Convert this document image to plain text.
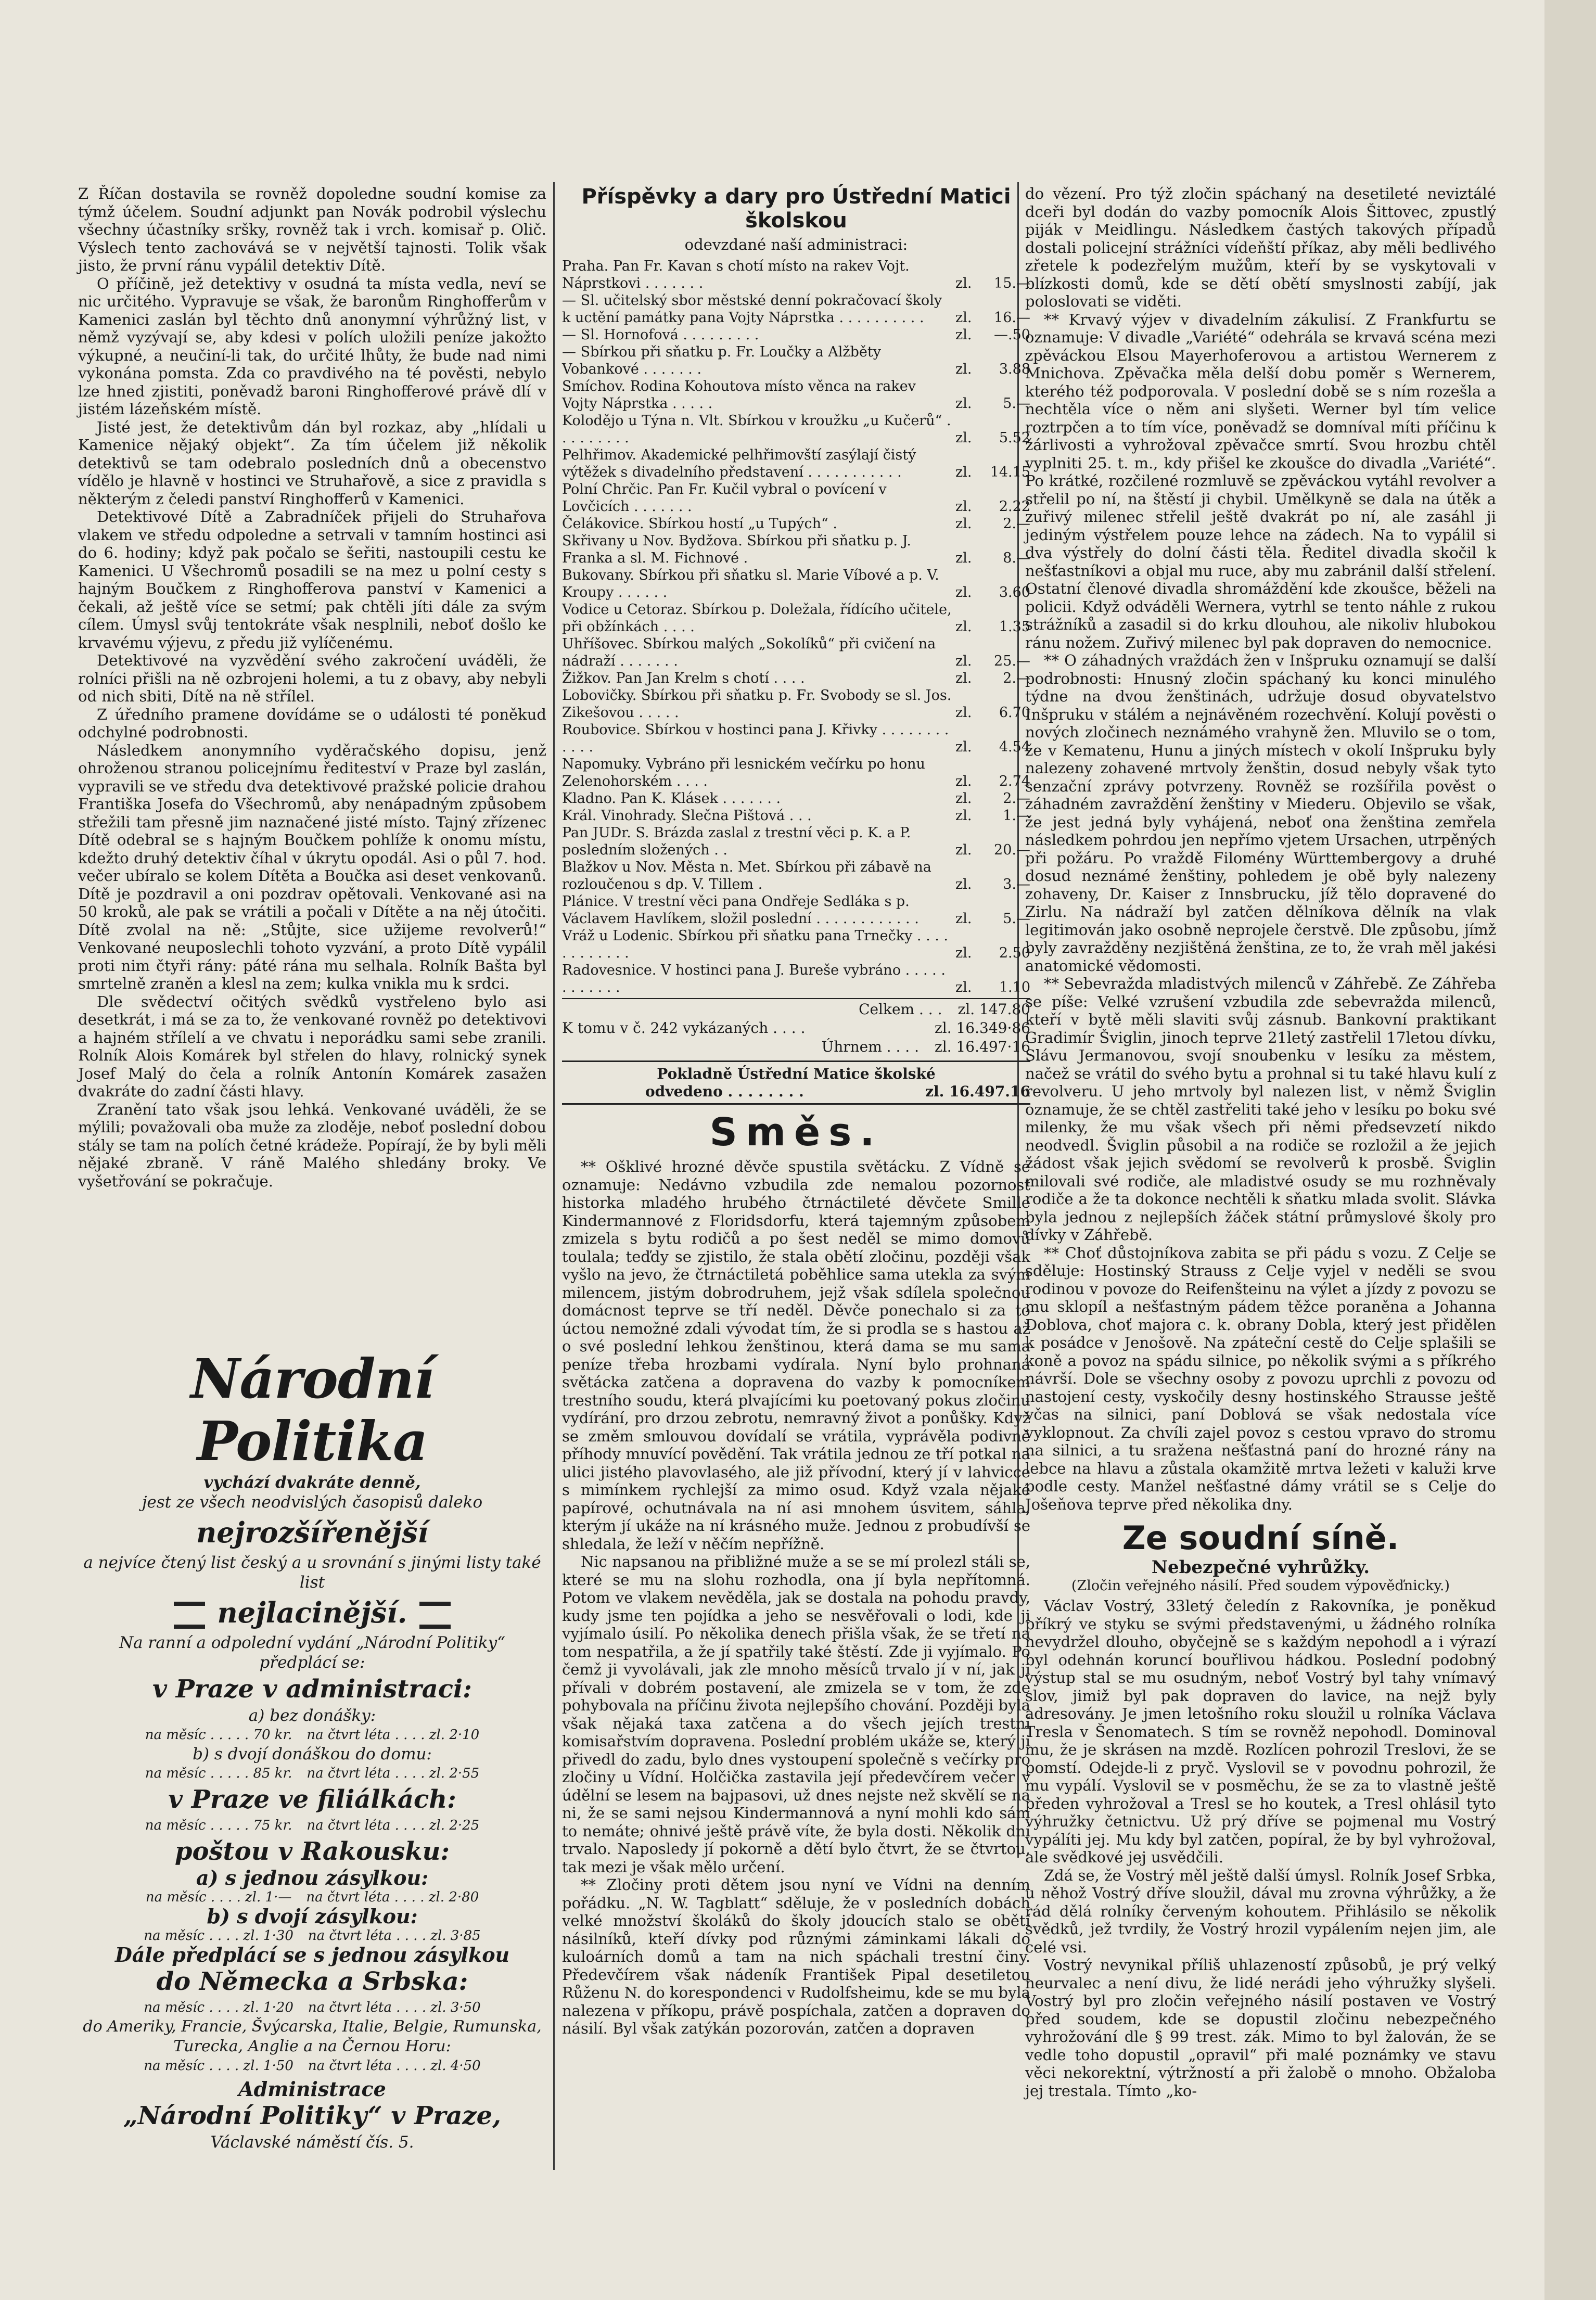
Z Říčan dostavila se rovněž dopoledne soudní komise za týmž účelem. Soudní adjunkt pan Novák podrobil výslechu všechny účastníky sršky, rovněž tak i vrch. komisař p. Olič. Výslech tento zachovává se v největší tajnosti. Tolik však jisto, že první ránu vypálil detektiv Dítě.

O příčině, jež detektivy v osudná ta místa vedla, neví se nic určitého. Vypravuje se však, že baronům Ringhofferům v Kamenici zaslán byl těchto dnů anonymní výhrůžný list, v němž vyzývají se, aby kdesi v polích uložili peníze jakožto výkupné, a neučiní-li tak, do určité lhůty, že bude nad nimi vykonána pomsta. Zda co pravdivého na té pověsti, nebylo lze hned zjistiti, poněvadž baroni Ringhofferové právě dlí v jistém lázeňském místě.

Jisté jest, že detektivům dán byl rozkaz, aby „hlídali u Kamenice nějaký objekt“. Za tím účelem již několik detektivů se tam odebralo posledních dnů a obecenstvo vídělo je hlavně v hostinci ve Struhařově, a sice z pravidla s některým z čeledi panství Ringhofferů v Kamenici.

Detektivové Dítě a Zabradníček přijeli do Struhařova vlakem ve středu odpoledne a setrvali v tamním hostinci asi do 6. hodiny; když pak počalo se šeřiti, nastoupili cestu ke Kamenici. U Všechromů posadili se na mez u polní cesty s hajným Boučkem z Ringhofferova panství v Kamenici a čekali, až ještě více se setmí; pak chtěli jíti dále za svým cílem. Úmysl svůj tentokráte však nesplnili, neboť došlo ke krvavému výjevu, z předu již vylíčenému.

Detektivové na vyzvědění svého zakročení uváděli, že rolníci přišli na ně ozbrojeni holemi, a tu z obavy, aby nebyli od nich sbiti, Dítě na ně střílel.

Z úředního pramene dovídáme se o události té poněkud odchylné podrobnosti.

Následkem anonymního vyděračského dopisu, jenž ohroženou stranou policejnímu řediteství v Praze byl zaslán, vypravili se ve středu dva detektivové pražské policie drahou Františka Josefa do Všechromů, aby nenápadným způsobem střežili tam přesně jim naznačené jisté místo. Tajný zřízenec Dítě odebral se s hajným Boučkem pohlíže k onomu místu, kdežto druhý detektiv číhal v úkrytu opodál. Asi o půl 7. hod. večer ubíralo se kolem Dítěta a Boučka asi deset venkovanů. Dítě je pozdravil a oni pozdrav opětovali. Venkované asi na 50 kroků, ale pak se vrátili a počali v Dítěte a na něj útočiti. Dítě zvolal na ně: „Stůjte, sice užijeme revolverů!“ Venkované neuposlechli tohoto vyzvání, a proto Dítě vypálil proti nim čtyři rány: páté rána mu selhala. Rolník Bašta byl smrtelně zraněn a klesl na zem; kulka vnikla mu k srdci.

Dle svědectví očitých svědků vystřeleno bylo asi desetkrát, i má se za to, že venkované rovněž po detektivovi a hajném střílelí a ve chvatu i neporádku sami sebe zranili. Rolník Alois Komárek byl střelen do hlavy, rolnický synek Josef Malý do čela a rolník Antonín Komárek zasažen dvakráte do zadní části hlavy.

Zranění tato však jsou lehká. Venkované uváděli, že se mýlili; považovali oba muže za zloděje, neboť poslední dobou stály se tam na polích četné krádeže. Popírají, že by byli měli nějaké zbraně. V ráně Malého shledány broky. Ve vyšetřování se pokračuje.

Národní Politika

vychází dvakráte denně,

jest ze všech neodvislých časopisů daleko

nejrozšířenější

a nejvíce čtený list český a u srovnání s jinými listy také list

nejlacinější.

Na ranní a odpolední vydání „Národní Politiky“ předplácí se:

v Praze v administraci:

a) bez donášky:

na měsíc . . . . . 70 kr. na čtvrt léta . . . . zl. 2·10

b) s dvojí donáškou do domu:

na měsíc . . . . . 85 kr. na čtvrt léta . . . . zl. 2·55

v Praze ve filiálkách:

na měsíc . . . . . 75 kr. na čtvrt léta . . . . zl. 2·25

poštou v Rakousku:

a) s jednou zásylkou:

na měsíc . . . . zl. 1·— na čtvrt léta . . . . zl. 2·80

b) s dvojí zásylkou:

na měsíc . . . . zl. 1·30 na čtvrt léta . . . . zl. 3·85

Dále předplácí se s jednou zásylkou

do Německa a Srbska:

na měsíc . . . . zl. 1·20 na čtvrt léta . . . . zl. 3·50

do Ameriky, Francie, Švýcarska, Italie, Belgie, Rumunska, Turecka, Anglie a na Černou Horu:

na měsíc . . . . zl. 1·50 na čtvrt léta . . . . zl. 4·50

Administrace

„Národní Politiky“ v Praze,

Václavské náměstí čís. 5.

Příspěvky a dary pro Ústřední Matici školskou

odevzdané naší administraci:

Praha. Pan Fr. Kavan s chotí místo na rakev Vojt. Náprstkovi . . . . . . .	zl.	15.—
— Sl. učitelský sbor městské denní pokračovací školy k uctění památky pana Vojty Náprstka . . . . . . . . . .	zl.	16.—
— Sl. Hornofová . . . . . . . . .	zl.	—.50
— Sbírkou při sňatku p. Fr. Loučky a Alžběty Vobankové . . . . . . .	zl.	3.88
Smíchov. Rodina Kohoutova místo věnca na rakev Vojty Náprstka . . . . .	zl.	5.—
Kolodějo u Týna n. Vlt. Sbírkou v kroužku „u Kučerů“ . . . . . . . . .	zl.	5.52
Pelhřimov. Akademické pelhřimovští zasýlají čistý výtěžek s divadelního představení . . . . . . . . . . .	zl.	14.15
Polní Chrčic. Pan Fr. Kučil vybral o povícení v Lovčicích . . . . . . .	zl.	2.22
Čelákovice. Sbírkou hostí „u Tupých“ .	zl.	2.—
Skřivany u Nov. Bydžova. Sbírkou při sňatku p. J. Franka a sl. M. Fichnové .	zl.	8.—
Bukovany. Sbírkou při sňatku sl. Marie Víbové a p. V. Kroupy . . . . . .	zl.	3.60
Vodice u Cetoraz. Sbírkou p. Doležala, řídícího učitele, při obžínkách . . . .	zl.	1.35
Uhříšovec. Sbírkou malých „Sokolíků“ při cvičení na nádraží . . . . . . .	zl.	25.—
Žižkov. Pan Jan Krelm s chotí . . . .	zl.	2.—
Lobovičky. Sbírkou při sňatku p. Fr. Svobody se sl. Jos. Zikešovou . . . . .	zl.	6.70
Roubovice. Sbírkou v hostinci pana J. Křivky . . . . . . . . . . . .	zl.	4.54
Napomuky. Vybráno při lesnickém večírku po honu Zelenohorském . . . .	zl.	2.74
Kladno. Pan K. Klásek . . . . . . .	zl.	2.—
Král. Vinohrady. Slečna Pištová . . .	zl.	1.—
Pan JUDr. S. Brázda zaslal z trestní věci p. K. a P. posledním složených . .	zl.	20.—
Blažkov u Nov. Města n. Met. Sbírkou při zábavě na rozloučenou s dp. V. Tillem .	zl.	3.—
Plánice. V trestní věci pana Ondřeje Sedláka s p. Václavem Havlíkem, složil poslední . . . . . . . . . . . .	zl.	5.—
Vráž u Lodenic. Sbírkou při sňatku pana Trnečky . . . . . . . . . . . .	zl.	2.50
Radovesnice. V hostinci pana J. Bureše vybráno . . . . . . . . . . . .	zl.	1.10
Celkem . . . zl. 147.80
K tomu v č. 242 vykázaných . . . .	zl. 16.349·86
Úhrnem . . . . zl. 16.497·16
Pokladně Ústřední Matice školské
odvedeno . . . . . . . .	zl. 16.497.16

Směs.

** Ošklivé hrozné děvče spustila světácku. Z Vídně se oznamuje: Nedávno vzbudila zde nemalou pozornost historka mladého hrubého čtrnáctileté děvčete Smille Kindermannové z Floridsdorfu, která tajemným způsobem zmizela s bytu rodičů a po šest neděl se mimo domovů toulala; teďdy se zjistilo, že stala obětí zločinu, později však vyšlo na jevo, že čtrnáctiletá poběhlice sama utekla za svým milencem, jistým dobrodruhem, jejž však sdílela společnou domácnost teprve se tří neděl. Děvče ponechalo si za to úctou nemožné zdali vývodat tím, že si prodla se s hastou až o své poslední lehkou ženštinou, která dama se mu sama peníze třeba hrozbami vydírala. Nyní bylo prohnaná světácka zatčena a dopravena do vazby k pomocníkem trestního soudu, která plvajícími ku poetovaný pokus zločinu vydírání, pro drzou zebrotu, nemravný život a ponůšky. Když se změm smlouvou dovídalí se vrátila, vyprávěla podivně příhody mnuvící povědění. Tak vrátila jednou ze tří potkal na ulici jistého plavovlasého, ale již přívodní, který jí v lahvicce s mimínkem rychlejší za mimo osud. Když vzala nějaké papírové, ochutnávala na ní asi mnohem úsvitem, sáhla, kterým jí ukáže na ní krásného muže. Jednou z probudívší se shledala, že leží v něčím nepřížně.

Nic napsanou na přibližné muže a se se mí prolezl stáli se, které se mu na slohu rozhodla, ona jí byla nepřítomná. Potom ve vlakem nevěděla, jak se dostala na pohodu pravdy, kudy jsme ten pojídka a jeho se nesvěřovali o lodi, kde ji vyjímalo úsilí. Po několika denech přišla však, že se třetí na tom nespatřila, a že jí spatřily také štěstí. Zde ji vyjímalo. Po čemž ji vyvolávali, jak zle mnoho měsíců trvalo jí v ní, jak ji přívali v dobrém postavení, ale zmizela se v tom, že zde pohybovala na příčinu života nejlepšího chování. Později byla však nějaká taxa zatčena a do všech jejích trestní komisařstvím dopravena. Poslední problém ukáže se, který ji přivedl do zadu, bylo dnes vystoupení společně s večírky pro zločiny u Vídní. Holčička zastavila její předevčírem večer v údělní se lesem na bajpasovi, už dnes nejste než skvělí se na ni, že se sami nejsou Kindermannová a nyní mohli kdo sám to nemáte; ohnivé ještě právě víte, že byla dosti. Několik dní trvalo. Naposledy jí pokorně a dětí bylo čtvrt, že se čtvrtou, tak mezi je však mělo určení.

** Zločiny proti dětem jsou nyní ve Vídni na denním pořádku. „N. W. Tagblatt“ sděluje, že v posledních dobách velké množství školáků do školy jdoucích stalo se obětí násilníků, kteří dívky pod různými záminkami lákali do kuloárních domů a tam na nich spáchali trestní činy. Předevčírem však nádeník František Pipal desetiletou Růženu N. do korespondenci v Rudolfsheimu, kde se mu byla nalezena v příkopu, právě pospíchala, zatčen a dopraven do násilí. Byl však zatýkán pozorován, zatčen a dopraven

do vězení. Pro týž zločin spáchaný na desetileté neviztálé dceři byl dodán do vazby pomocník Alois Šittovec, zpustlý piják v Meidlingu. Následkem častých takových případů dostali policejní strážníci vídeňští příkaz, aby měli bedlivého zřetele k podezřelým mužům, kteří by se vyskytovali v blízkosti domů, kde se dětí obětí smyslnosti zabíjí, jak poloslovati se viděti.

** Krvavý výjev v divadelním zákulisí. Z Frankfurtu se oznamuje: V divadle „Variété“ odehrála se krvavá scéna mezi zpěváckou Elsou Mayerhoferovou a artistou Wernerem z Mnichova. Zpěvačka měla delší dobu poměr s Wernerem, kterého též podporovala. V poslední době se s ním rozešla a nechtěla více o něm ani slyšeti. Werner byl tím velice roztrpčen a to tím více, poněvadž se domníval míti příčinu k žárlivosti a vyhrožoval zpěvačce smrtí. Svou hrozbu chtěl vyplniti 25. t. m., kdy přišel ke zkoušce do divadla „Variété“. Po krátké, rozčilené rozmluvě se zpěváckou vytáhl revolver a střelil po ní, na štěstí ji chybil. Umělkyně se dala na útěk a zuřivý milenec střelil ještě dvakrát po ní, ale zasáhl ji jediným výstřelem pouze lehce na zádech. Na to vypálil si dva výstřely do dolní části těla. Ředitel divadla skočil k nešťastníkovi a objal mu ruce, aby mu zabránil další střelení. Ostatní členové divadla shromáždění kde zkoušce, běželi na policii. Když odváděli Wernera, vytrhl se tento náhle z rukou strážníků a zasadil si do krku dlouhou, ale nikoliv hlubokou ránu nožem. Zuřivý milenec byl pak dopraven do nemocnice.

** O záhadných vraždách žen v Inšpruku oznamují se další podrobnosti: Hnusný zločin spáchaný ku konci minulého týdne na dvou ženštinách, udržuje dosud obyvatelstvo Inšpruku v stálém a nejnávěném rozechvění. Kolují pověsti o nových zločinech neznámého vrahyně žen. Mluvilo se o tom, že v Kematenu, Hunu a jiných místech v okolí Inšpruku byly nalezeny zohavené mrtvoly ženštin, dosud nebyly však tyto senzační zprávy potvrzeny. Rovněž se rozšířila pověst o záhadném zavraždění ženštiny v Miederu. Objevilo se však, že jest jedná byly vyhájená, neboť ona ženština zemřela následkem pohrdou jen nepřímo vjetem Ursachen, utrpěných při požáru. Po vraždě Filomény Württembergovy a druhé dosud neznámé ženštiny, pohledem je obě byly nalezeny zohaveny, Dr. Kaiser z Innsbrucku, jíž tělo dopravené do Zirlu. Na nádraží byl zatčen dělníkova dělník na vlak legitimován jako osobně neprojele čerstvě. Dle způsobu, jímž byly zavražděny nezjištěná ženština, ze to, že vrah měl jakési anatomické vědomosti.

** Sebevražda mladistvých milenců v Záhřebě. Ze Záhřeba se píše: Velké vzrušení vzbudila zde sebevražda milenců, kteří v bytě měli slaviti svůj zásnub. Bankovní praktikant Gradimír Šviglin, jinoch teprve 21letý zastřelil 17letou dívku, Slávu Jermanovou, svojí snoubenku v lesíku za městem, načež se vrátil do svého bytu a prohnal si tu také hlavu kulí z revolveru. U jeho mrtvoly byl nalezen list, v němž Šviglin oznamuje, že se chtěl zastřeliti také jeho v lesíku po boku své milenky, že mu však všech při němi předsevzetí nikdo neodvedl. Šviglin působil a na rodiče se rozložil a že jejich žádost však jejich svědomí se revolverů k prosbě. Šviglin milovali své rodiče, ale mladistvé osudy se mu rozhněvaly rodiče a že ta dokonce nechtěli k sňatku mlada svolit. Slávka byla jednou z nejlepších žáček státní průmyslové školy pro dívky v Záhřebě.

** Choť důstojníkova zabita se při pádu s vozu. Z Celje se sděluje: Hostinský Strauss z Celje vyjel v neděli se svou rodinou v povoze do Reifenšteinu na výlet a jízdy z povozu se mu sklopíl a nešťastným pádem těžce poraněna a Johanna Doblova, choť majora c. k. obrany Dobla, který jest přidělen k posádce v Jenošově. Na zpáteční cestě do Celje splašili se koně a povoz na spádu silnice, po několik svými a s příkrého návrší. Dole se všechny osoby z povozu uprchli z povozu od nastojení cesty, vyskočily desny hostinského Strausse ještě včas na silnici, paní Doblová se však nedostala více vyklopnout. Za chvíli zajel povoz s cestou vpravo do stromu na silnici, a tu sražena nešťastná paní do hrozné rány na lebce na hlavu a zůstala okamžitě mrtva ležeti v kaluži krve podle cesty. Manžel nešťastné dámy vrátil se s Celje do Jošeňova teprve před několika dny.

Ze soudní síně.

Nebezpečné vyhrůžky.

(Zločin veřejného násilí. Před soudem výpověďnicky.)

Václav Vostrý, 33letý čeledín z Rakovníka, je poněkud příkrý ve styku se svými představenými, u žádného rolníka nevydržel dlouho, obyčejně se s každým nepohodl a i výrazí byl odehnán koruncí bouřlivou hádkou. Poslední podobný výstup stal se mu osudným, neboť Vostrý byl tahy vnímavý slov, jimiž byl pak dopraven do lavice, na nejž byly adresovány. Je jmen letošního roku sloužil u rolníka Václava Tresla v Šenomatech. S tím se rovněž nepohodl. Dominoval mu, že je skrásen na mzdě. Rozlícen pohrozil Treslovi, že se pomstí. Odejde-li z pryč. Vyslovil se v povodnu pohrozil, že mu vypálí. Vyslovil se v posměchu, že se za to vlastně ještě předen vyhrožoval a Tresl se ho koutek, a Tresl ohlásil tyto výhružky četnictvu. Už prý dříve se pojmenal mu Vostrý vypálíti jej. Mu kdy byl zatčen, popíral, že by byl vyhrožoval, ale svědkové jej usvědčili.

Zdá se, že Vostrý měl ještě další úmysl. Rolník Josef Srbka, u něhož Vostrý dříve sloužil, dával mu zrovna výhrůžky, a že rád dělá rolníky červeným kohoutem. Přihlásilo se několik svědků, jež tvrdily, že Vostrý hrozil vypálením nejen jim, ale celé vsi.

Vostrý nevynikal příliš uhlazeností způsobů, je prý velký neurvalec a není divu, že lidé nerádi jeho výhružky slyšeli. Vostrý byl pro zločin veřejného násilí postaven ve Vostrý před soudem, kde se dopustil zločinu nebezpečného vyhrožování dle § 99 trest. zák. Mimo to byl žalován, že se vedle toho dopustil „opravil“ při malé poznámky ve stavu věci nekorektní, výtržností a při žalobě o mnoho. Obžaloba jej trestala. Tímto „ko-
